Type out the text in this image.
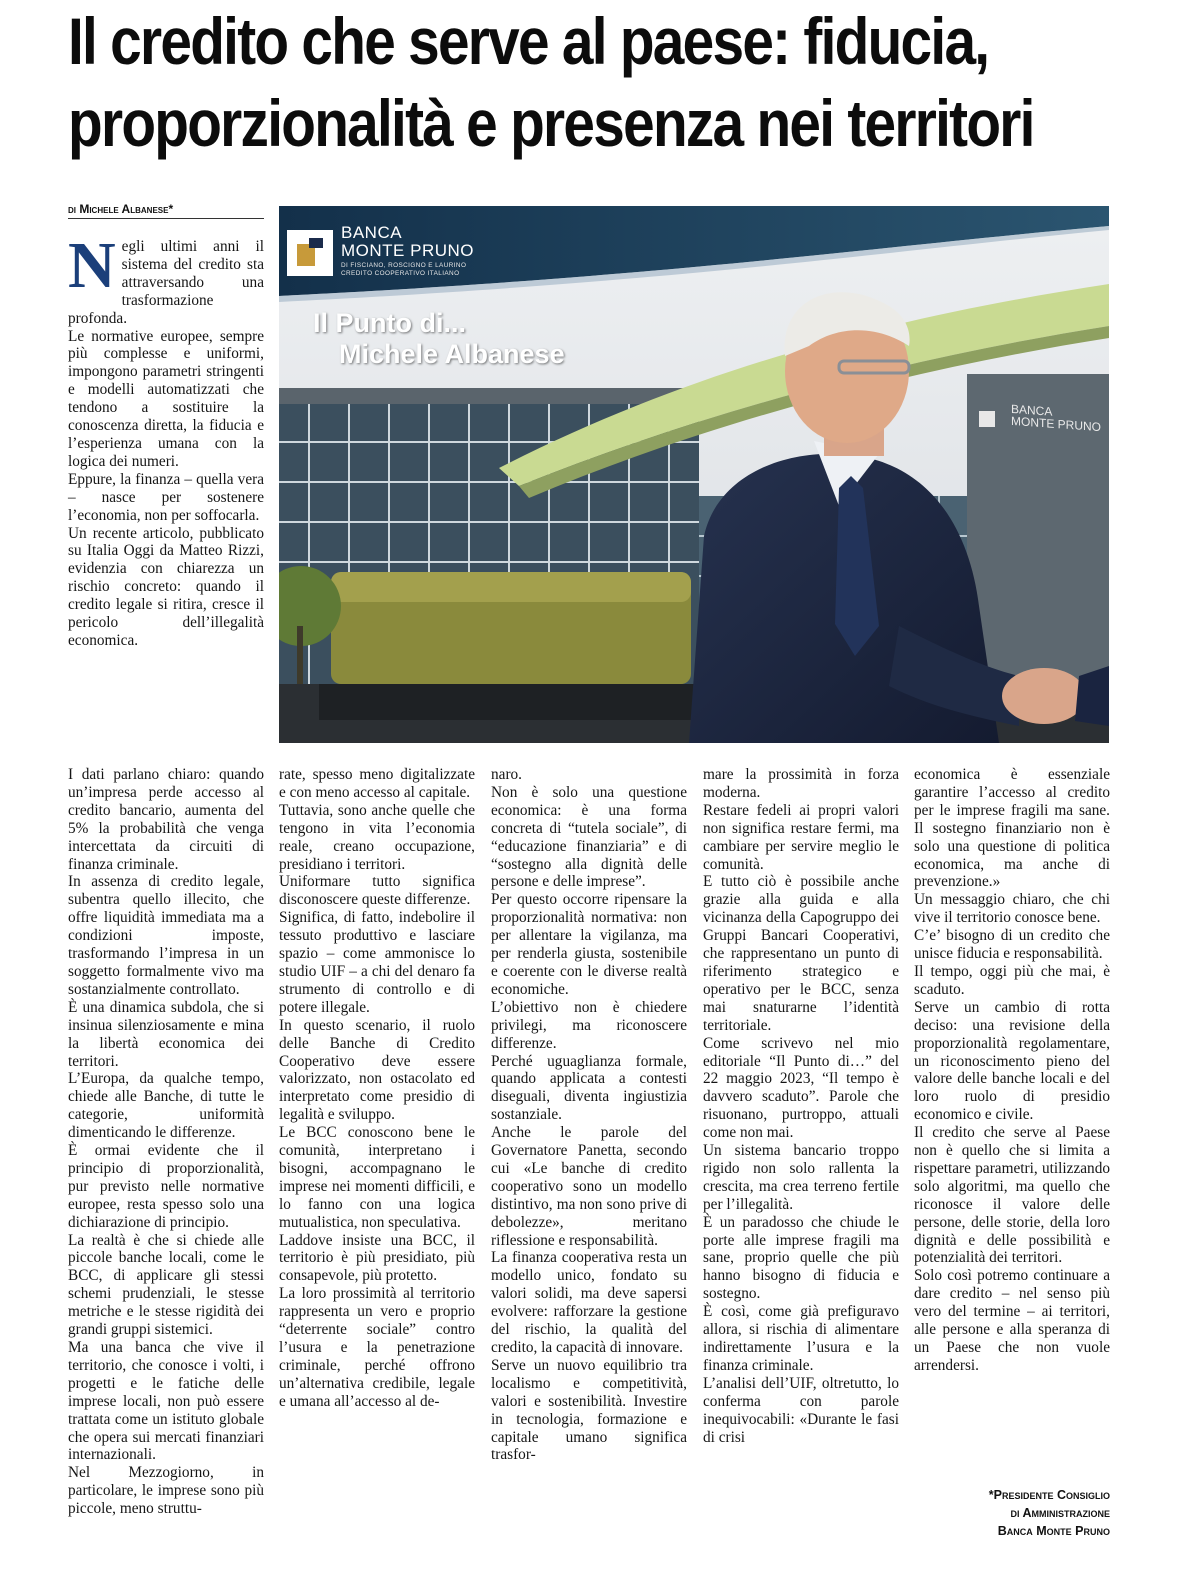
Il credito che serve al paese: fiducia,
proporzionalità e presenza nei territori
di Michele Albanese*
BANCA
MONTE PRUNO
DI FISCIANO, ROSCIGNO E LAURINO
CREDITO COOPERATIVO ITALIANO
Il Punto di...
Michele Albanese
BANCA
MONTE PRUNO

Negli ultimi anni il sistema del credito sta attraversando una trasformazione profonda.

Le normative europee, sempre più complesse e uniformi, impongono parametri stringenti e modelli automatizzati che tendono a sostituire la conoscenza diretta, la fiducia e l’esperienza umana con la logica dei numeri.

Eppure, la finanza – quella vera – nasce per sostenere l’economia, non per soffocarla.

Un recente articolo, pubblicato su Italia Oggi da Matteo Rizzi, evidenzia con chiarezza un rischio concreto: quando il credito legale si ritira, cresce il pericolo dell’illegalità economica.

I dati parlano chiaro: quando un’impresa perde accesso al credito bancario, aumenta del 5% la probabilità che venga intercettata da circuiti di finanza criminale.

In assenza di credito legale, subentra quello illecito, che offre liquidità immediata ma a condizioni imposte, trasformando l’impresa in un soggetto formalmente vivo ma sostanzialmente controllato.

È una dinamica subdola, che si insinua silenziosamente e mina la libertà economica dei territori.

L’Europa, da qualche tempo, chiede alle Banche, di tutte le categorie, uniformità dimenticando le differenze.

È ormai evidente che il principio di proporzionalità, pur previsto nelle normative europee, resta spesso solo una dichiarazione di principio.

La realtà è che si chiede alle piccole banche locali, come le BCC, di applicare gli stessi schemi prudenziali, le stesse metriche e le stesse rigidità dei grandi gruppi sistemici.

Ma una banca che vive il territorio, che conosce i volti, i progetti e le fatiche delle imprese locali, non può essere trattata come un istituto globale che opera sui mercati finanziari internazionali.

Nel Mezzogiorno, in particolare, le imprese sono più piccole, meno struttu-

rate, spesso meno digitalizzate e con meno accesso al capitale.

Tuttavia, sono anche quelle che tengono in vita l’economia reale, creano occupazione, presidiano i territori.

Uniformare tutto significa disconoscere queste differenze.

Significa, di fatto, indebolire il tessuto produttivo e lasciare spazio – come ammonisce lo studio UIF – a chi del denaro fa strumento di controllo e di potere illegale.

In questo scenario, il ruolo delle Banche di Credito Cooperativo deve essere valorizzato, non ostacolato ed interpretato come presidio di legalità e sviluppo.

Le BCC conoscono bene le comunità, interpretano i bisogni, accompagnano le imprese nei momenti difficili, e lo fanno con una logica mutualistica, non speculativa.

Laddove insiste una BCC, il territorio è più presidiato, più consapevole, più protetto.

La loro prossimità al territorio rappresenta un vero e proprio “deterrente sociale” contro l’usura e la penetrazione criminale, perché offrono un’alternativa credibile, legale e umana all’accesso al de-

naro.

Non è solo una questione economica: è una forma concreta di “tutela sociale”, di “educazione finanziaria” e di “sostegno alla dignità delle persone e delle imprese”.

Per questo occorre ripensare la proporzionalità normativa: non per allentare la vigilanza, ma per renderla giusta, sostenibile e coerente con le diverse realtà economiche.

L’obiettivo non è chiedere privilegi, ma riconoscere differenze.

Perché uguaglianza formale, quando applicata a contesti diseguali, diventa ingiustizia sostanziale.

Anche le parole del Governatore Panetta, secondo cui «Le banche di credito cooperativo sono un modello distintivo, ma non sono prive di debolezze», meritano riflessione e responsabilità.

La finanza cooperativa resta un modello unico, fondato su valori solidi, ma deve sapersi evolvere: rafforzare la gestione del rischio, la qualità del credito, la capacità di innovare.

Serve un nuovo equilibrio tra localismo e competitività, valori e sostenibilità. Investire in tecnologia, formazione e capitale umano significa trasfor-

mare la prossimità in forza moderna.

Restare fedeli ai propri valori non significa restare fermi, ma cambiare per servire meglio le comunità.

E tutto ciò è possibile anche grazie alla guida e alla vicinanza della Capogruppo dei Gruppi Bancari Cooperativi, che rappresentano un punto di riferimento strategico e operativo per le BCC, senza mai snaturarne l’identità territoriale.

Come scrivevo nel mio editoriale “Il Punto di…” del 22 maggio 2023, “Il tempo è davvero scaduto”. Parole che risuonano, purtroppo, attuali come non mai.

Un sistema bancario troppo rigido non solo rallenta la crescita, ma crea terreno fertile per l’illegalità.

È un paradosso che chiude le porte alle imprese fragili ma sane, proprio quelle che più hanno bisogno di fiducia e sostegno.

È così, come già prefiguravo allora, si rischia di alimentare indirettamente l’usura e la finanza criminale.

L’analisi dell’UIF, oltretutto, lo conferma con parole inequivocabili: «Durante le fasi di crisi

economica è essenziale garantire l’accesso al credito per le imprese fragili ma sane. Il sostegno finanziario non è solo una questione di politica economica, ma anche di prevenzione.»

Un messaggio chiaro, che chi vive il territorio conosce bene.

C’e’ bisogno di un credito che unisce fiducia e responsabilità.

Il tempo, oggi più che mai, è scaduto.

Serve un cambio di rotta deciso: una revisione della proporzionalità regolamentare, un riconoscimento pieno del valore delle banche locali e del loro ruolo di presidio economico e civile.

Il credito che serve al Paese non è quello che si limita a rispettare parametri, utilizzando solo algoritmi, ma quello che riconosce il valore delle persone, delle storie, della loro dignità e delle possibilità e potenzialità dei territori.

Solo così potremo continuare a dare credito – nel senso più vero del termine – ai territori, alle persone e alla speranza di un Paese che non vuole arrendersi.

*Presidente Consiglio
di Amministrazione
Banca Monte Pruno
